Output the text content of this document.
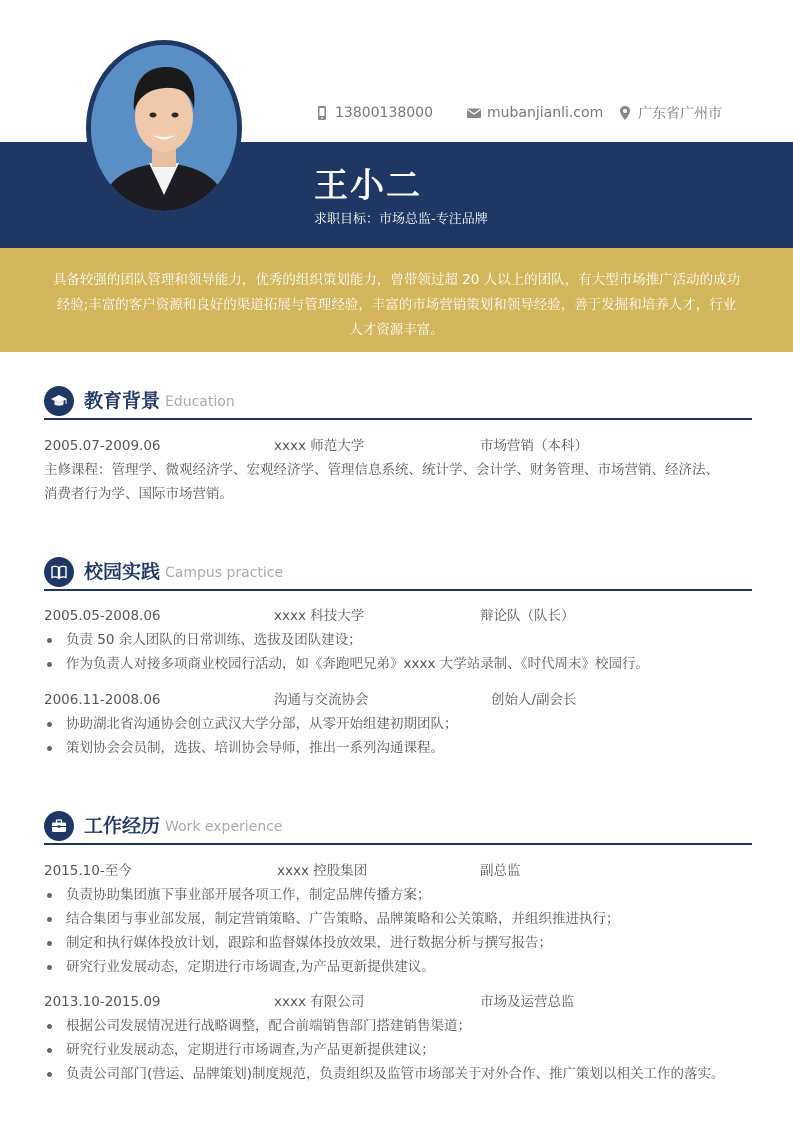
13800138000	mubanjianli.com 广东省广州市
王小二
求职目标：市场总监-专注品牌

具备较强的团队管理和领导能力，优秀的组织策划能力，曾带领过超 20 人以上的团队，有大型市场推广活动的成功

经验;丰富的客户资源和良好的渠道拓展与管理经验，丰富的市场营销策划和领导经验，善于发掘和培养人才，行业

人才资源丰富。

教育背景 Education
2005.07-2009.06	xxxx 师范大学	市场营销（本科）
主修课程：管理学、微观经济学、宏观经济学、管理信息系统、统计学、会计学、财务管理、市场营销、经济法、
消费者行为学、国际市场营销。
校园实践 Campus practice
2005.05-2008.06	xxxx 科技大学	辩论队（队长）
负责 50 余人团队的日常训练、选拔及团队建设；
作为负责人对接多项商业校园行活动，如《奔跑吧兄弟》xxxx 大学站录制、《时代周末》校园行。
2006.11-2008.06	沟通与交流协会	创始人/副会长
协助湖北省沟通协会创立武汉大学分部，从零开始组建初期团队；
策划协会会员制，选拔、培训协会导师，推出一系列沟通课程。
工作经历 Work experience
2015.10-至今	xxxx 控股集团	副总监
负责协助集团旗下事业部开展各项工作，制定品牌传播方案；
结合集团与事业部发展，制定营销策略、广告策略、品牌策略和公关策略，并组织推进执行；
制定和执行媒体投放计划，跟踪和监督媒体投放效果，进行数据分析与撰写报告；
研究行业发展动态，定期进行市场调查,为产品更新提供建议。
2013.10-2015.09	xxxx 有限公司	市场及运营总监
根据公司发展情况进行战略调整，配合前端销售部门搭建销售渠道；
研究行业发展动态，定期进行市场调查,为产品更新提供建议；
负责公司部门(营运、品牌策划)制度规范，负责组织及监管市场部关于对外合作、推广策划以相关工作的落实。
